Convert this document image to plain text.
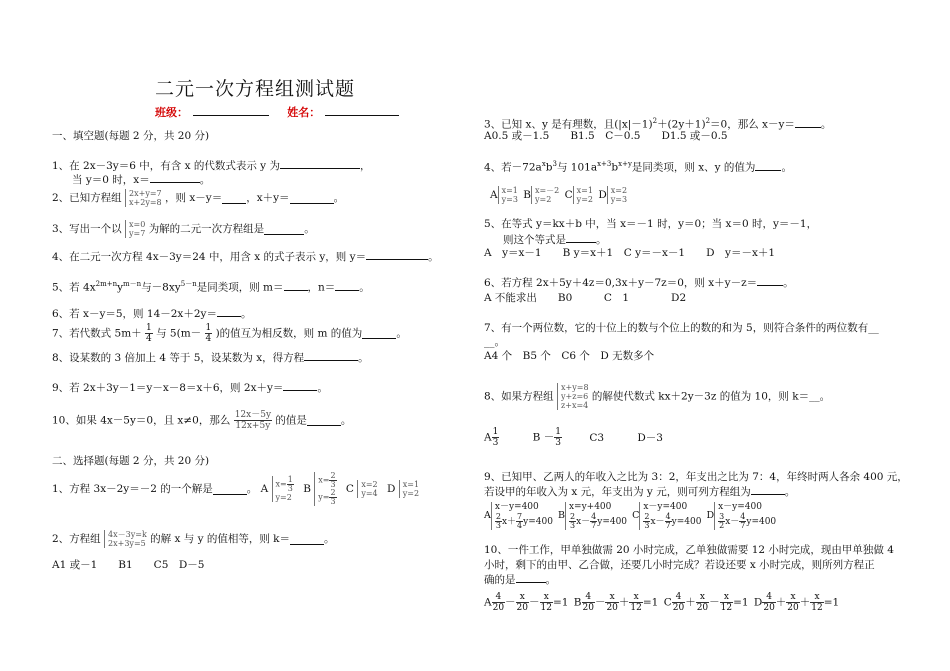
二元一次方程组测试题
班级：	姓名：
一、填空题(每题 2 分，共 20 分)
1、在 2x－3y＝6 中，有含 x 的代数式表示 y 为	，
当 y＝0 时，x＝	。
2、已知方程组 2x+y=7
x+2y=8 ，则 x－y＝ ，x＋y＝	。
3、写出一个以 x=0
y=7 为解的二元一次方程组是	。
4、在二元一次方程 4x－3y＝24 中，用含 x 的式子表示 y，则 y＝	。
5、若 $4x^{2m+n}y^{m-n}$与$-8xy^{5-n}$是同类项，则 m＝ ，n＝ 。
6、若 x－y＝5，则 14－2x＋2y＝ 。
7、若代数式 $5m+ \frac{1}{4}$ 与 $5(m- \frac{1}{4}$ )的值互为相反数，则 m 的值为	。
8、设某数的 3 倍加上 4 等于 5，设某数为 x，得方程	。
9、若 2x＋3y－1＝y－x－8＝x＋6，则 2x＋y＝	。
10、如果 4x－5y＝0，且 x≠0，那么 $\frac{12x-5y}{12x+5y}$ 的值是	。
二、选择题(每题 2 分，共 20 分)
1、方程 3x－2y＝－2 的一个解是	。 A $x= \frac{1}{3}$
y=2
B
$x= \frac{2}{3}$
$y= \frac{2}{3}$ C x=2
y=4 D x=1
y=2
2、方程组 4x－3y=k
2x+3y=5 的解 x 与 y 的值相等，则 k＝	。
A1 或－1　　B1　　C5　D－5
3、已知 x、y 是有理数，且$(|x|-1)^2+(2y+1)^2=0$，那么 x－y＝ 。
A0.5 或－1.5　　B1.5　C－0.5　　D1.5 或－0.5
4、若$-72a^xb^3$与 $101a^{x+3}b^{x+y}$是同类项，则 x、y 的值为 。
A x=1
y=3 B x=－2
y=2	C x=1
y=2 D x=2
y=3
5、在等式 y＝kx＋b 中，当 x＝－1 时，y＝0；当 x＝0 时，y＝－1，
则这个等式是	。
A　y＝x－1　　B y＝x＋1　C y＝－x－1　　D　y＝－x＋1
6、若方程 2x＋5y＋4z＝0,3x＋y－7z＝0，则 x＋y－z＝ 。
A 不能求出　　B0　　　C　1　　　　D2
7、有一个两位数，它的十位上的数与个位上的数的和为 5，则符合条件的两位数有__
__。
A4 个　B5 个　C6 个　D 无数多个
8、如果方程组
x+y=8
y+z=6
z+x=4
的解使代数式 kx＋2y－3z 的值为 10，则 k＝__。
A $\frac{1}{3}$	$B - \frac{1}{3}$	C3	D－3
9、已知甲、乙两人的年收入之比为 3：2，年支出之比为 7：4，年终时两人各余 400 元，
若设甲的年收入为 x 元，年支出为 y 元，则可列方程组为	。
A
x－y=400
$\frac{2}{3} x+ \frac{7}{4} y=400$
B
x=y+400
$\frac{2}{3} x- \frac{4}{7} y=400$
C
x－y=400
$\frac{2}{3} x- \frac{4}{7} y=400$
D
x－y=400
$\frac{3}{2} x- \frac{4}{7} y=400$
10、一件工作，甲单独做需 20 小时完成，乙单独做需要 12 小时完成，现由甲单独做 4
小时，剩下的由甲、乙合做，还要几小时完成？若设还要 x 小时完成，则所列方程正
确的是	。
A $\frac{4}{20} - \frac{x}{20} - \frac{x}{12} =1$ B $\frac{4}{20} - \frac{x}{20} + \frac{x}{12} =1$ C $\frac{4}{20} + \frac{x}{20} - \frac{x}{12} =1$ D $\frac{4}{20} + \frac{x}{20} + \frac{x}{12} =1$
